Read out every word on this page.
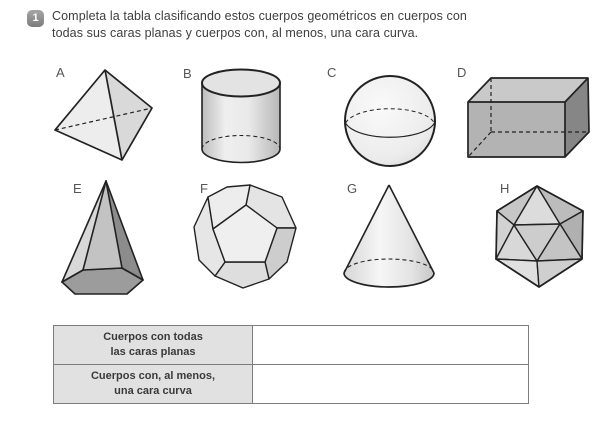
1	Completa la tabla clasificando estos cuerpos geométricos en cuerpos con
todas sus caras planas y cuerpos con, al menos, una cara curva.
A	B	C	D
E	F	G	H
Cuerpos con todas
las caras planas
Cuerpos con, al menos,
una cara curva
